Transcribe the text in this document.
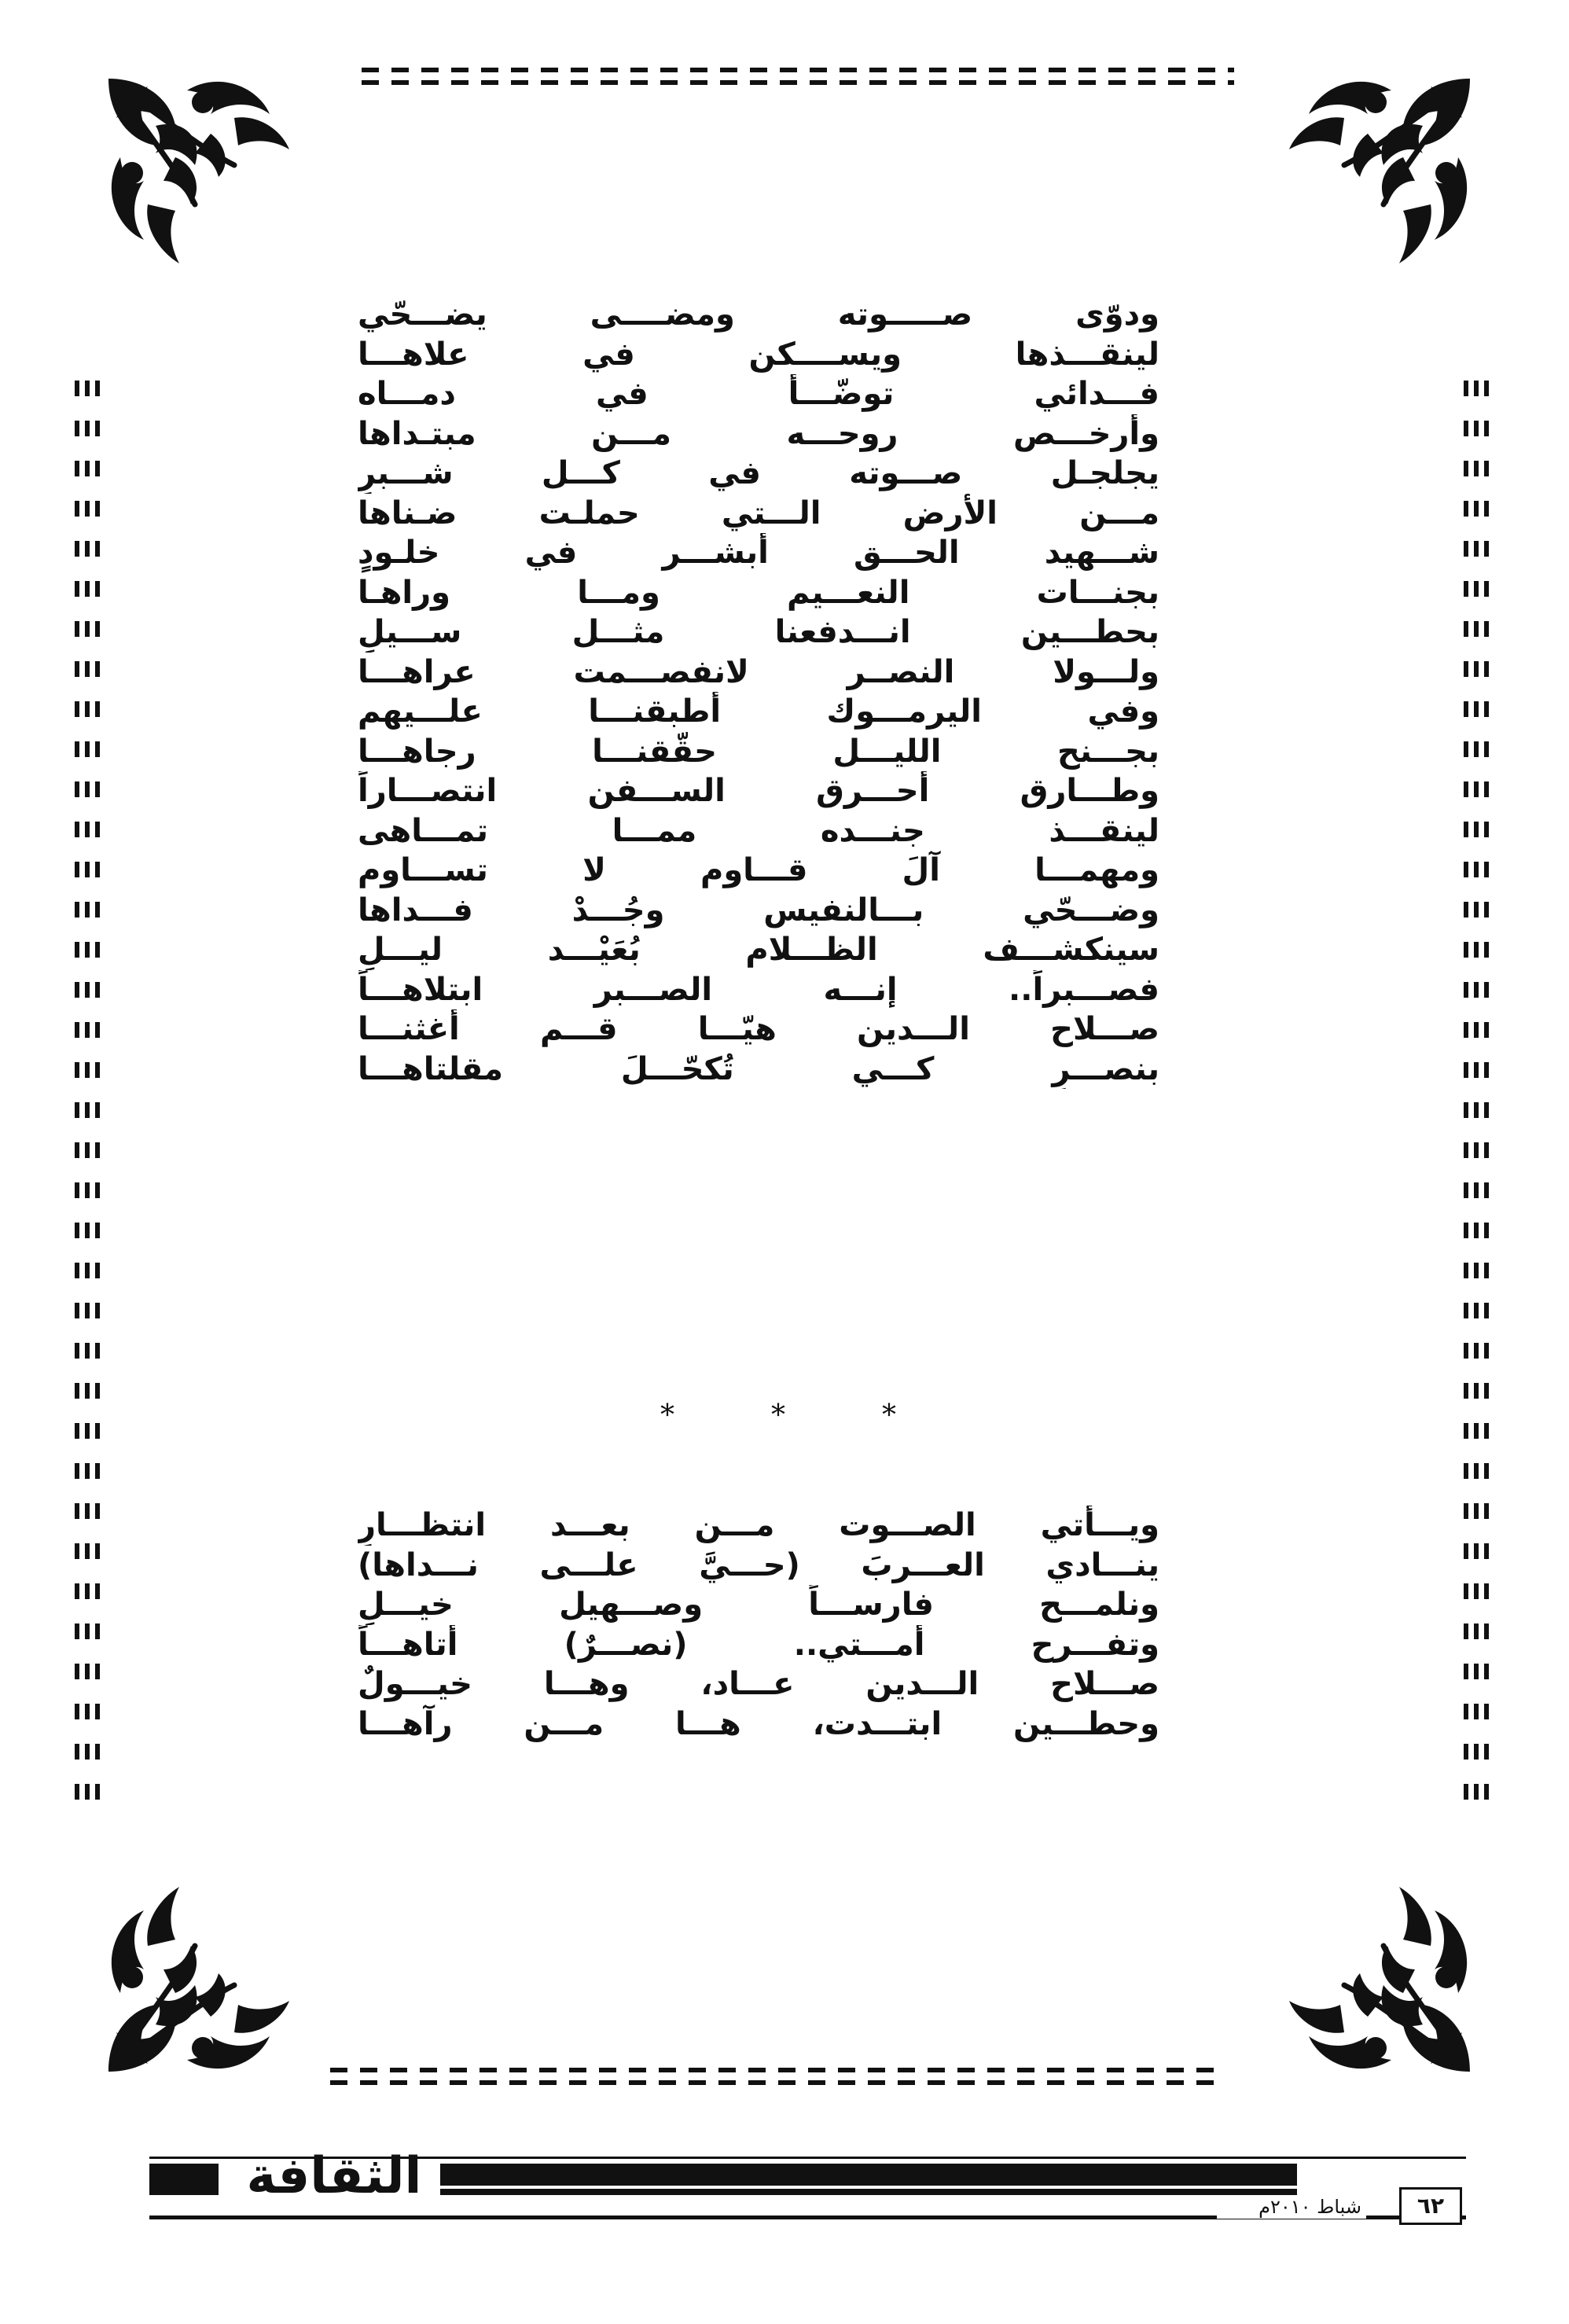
ودوّى صـــــوته ومضــــى يضـــحّي
لينقـــذها ويســــكن في علاهـــا
فـــدائي توضّـــأ في دمـــاه
وأرخـــص روحـــه مـــن مبتـداها
يجلجـل صـــوته في كـــل شـــبرٍ
مـــن الأرض الـــتي حملـت ضـناها
شـــهيد الحـــق أبشـــر في خلـودٍ
بجنـــات النعـــيم ومـــا وراهـا
بحطـــين انـــدفعنا مثـــل ســـيلٍ
ولـــولا النصــر لانفصـــمت عراهـــا
وفي اليرمـــوك أطبقنـــا علـــيهم
بجـــنح الليـــل حقّقنـــا رجاهـــا
وطـــارق أحـــرق الســـفن انتصـــاراً
لينقـــذ جنـــده ممـــا تمـــاهى
ومهمـــا آلَ قـــاوم لا تســـاوم
وضـــحّي بـــالنفيس وجُـــدْ فـــداها
سينكشـــف الظـــلام بُعَيْـــد ليـــلٍ
فصـــبراً.. إنـــه الصـــبر ابتلاهـــاً
صـــلاح الـــدين هيّـــا قـــم أغثنـــا
بنصـــرٍ كـــي تُكحّـــلَ مقلتاهـــا
*	*	*
ويـــأتي الصـــوت مـــن بعـــد انتظـــارٍ
ينـــادي العـــربَ (حـــيَّ علـــى نـــداها)
ونلمـــح فارســـاً وصـــهيل خيـــلٍ
وتفـــرح أمـــتي.. (نصـــرٌ) أتاهـــاً
صـــلاح الـــدين عـــاد، وهـــا خيـــولٌ
وحطـــين ابتـــدت، هـــا مـــن رآهـــا
الثقافة
شباط ٢٠١٠م	٦٢
